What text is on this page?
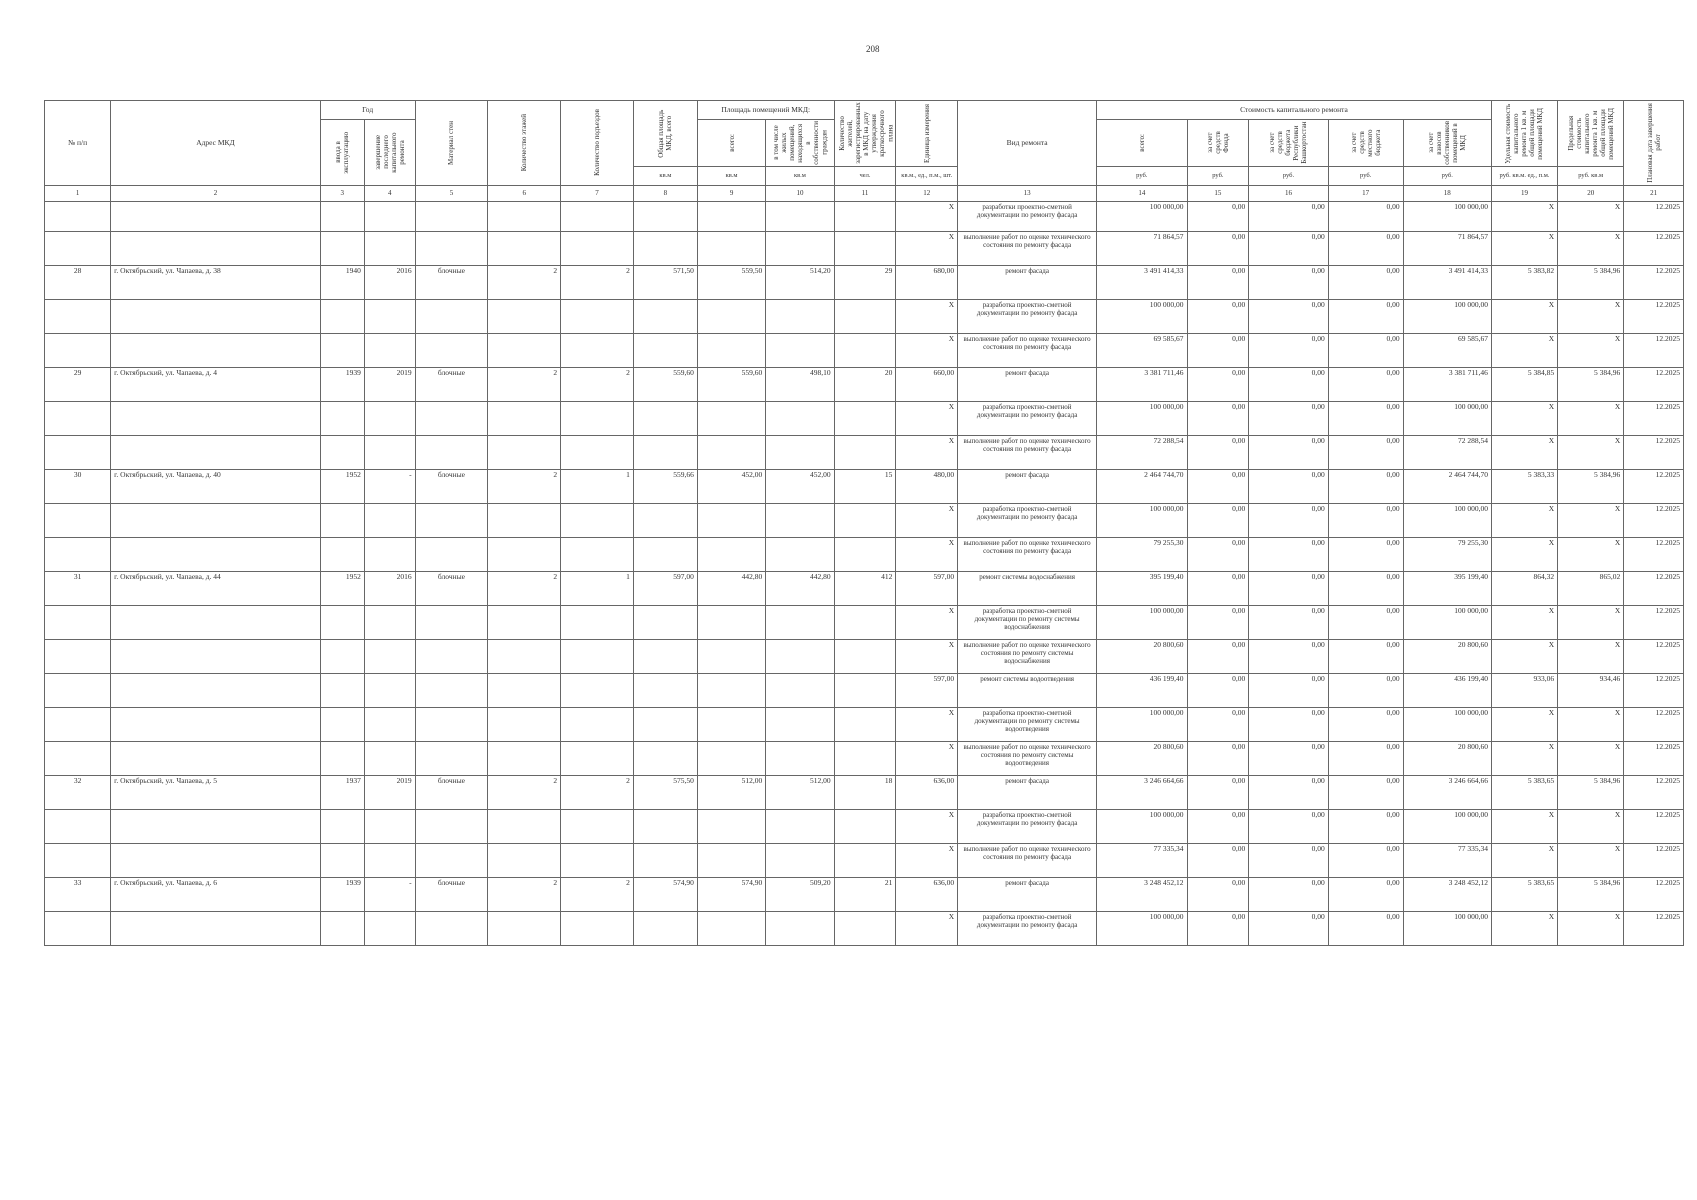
208
№ п/п	Адрес МКД	Год		Материал стен	Количество этажей	Количество подъездов	Общая площадь МКД, всего	Площадь помещений МКД:		Количество жителей, зарегистрированных в МКД на дату утверждения краткосрочного плана	Единица измерения	Вид ремонта	Стоимость капитального ремонта					Удельная стоимость капитального ремонта 1 кв. м общей площади помещений МКД	Предельная стоимость капитального ремонта 1 кв. м общей площади помещений МКД	Плановая дата завершения работ

		ввода в эксплуатацию	завершение последнего капитального ремонта					всего:	в том числе жилых помещений, находящихся в собственности граждан				всего:	за счет средств Фонда	за счет средств бюджета Республики Башкортостан	за счет средств местного бюджета	за счет взносов собственников помещений в МКД			

							кв.м	кв.м	кв.м	чел.	кв.м., ед., п.м., шт.		руб.	руб.	руб.	руб.	руб.	руб. кв.м. ед., п.м.	руб. кв.м	
1	2	3	4	5	6	7	8	9	10	11	12	13	14	15	16	17	18	19	20	21
											X	разработки проектно-сметной документации по ремонту фасада	100 000,00	0,00	0,00	0,00	100 000,00	X	X	12.2025
											X	выполнение работ по оценке технического состояния по ремонту фасада	71 864,57	0,00	0,00	0,00	71 864,57	X	X	12.2025
28	г. Октябрьский, ул. Чапаева, д. 38	1940	2016	блочные	2	2	571,50	559,50	514,20	29	680,00	ремонт фасада	3 491 414,33	0,00	0,00	0,00	3 491 414,33	5 383,82	5 384,96	12.2025
											X	разработка проектно-сметной документации по ремонту фасада	100 000,00	0,00	0,00	0,00	100 000,00	X	X	12.2025
											X	выполнение работ по оценке технического состояния по ремонту фасада	69 585,67	0,00	0,00	0,00	69 585,67	X	X	12.2025
29	г. Октябрьский, ул. Чапаева, д. 4	1939	2019	блочные	2	2	559,60	559,60	498,10	20	660,00	ремонт фасада	3 381 711,46	0,00	0,00	0,00	3 381 711,46	5 384,85	5 384,96	12.2025
											X	разработка проектно-сметной документации по ремонту фасада	100 000,00	0,00	0,00	0,00	100 000,00	X	X	12.2025
											X	выполнение работ по оценке технического состояния по ремонту фасада	72 288,54	0,00	0,00	0,00	72 288,54	X	X	12.2025
30	г. Октябрьский, ул. Чапаева, д. 40	1952	-	блочные	2	1	559,66	452,00	452,00	15	480,00	ремонт фасада	2 464 744,70	0,00	0,00	0,00	2 464 744,70	5 383,33	5 384,96	12.2025
											X	разработка проектно-сметной документации по ремонту фасада	100 000,00	0,00	0,00	0,00	100 000,00	X	X	12.2025
											X	выполнение работ по оценке технического состояния по ремонту фасада	79 255,30	0,00	0,00	0,00	79 255,30	X	X	12.2025
31	г. Октябрьский, ул. Чапаева, д. 44	1952	2016	блочные	2	1	597,00	442,80	442,80	412	597,00	ремонт системы водоснабжения	395 199,40	0,00	0,00	0,00	395 199,40	864,32	865,02	12.2025
											X	разработка проектно-сметной документации по ремонту системы водоснабжения	100 000,00	0,00	0,00	0,00	100 000,00	X	X	12.2025
											X	выполнение работ по оценке технического состояния по ремонту системы водоснабжения	20 800,60	0,00	0,00	0,00	20 800,60	X	X	12.2025
											597,00	ремонт системы водоотведения	436 199,40	0,00	0,00	0,00	436 199,40	933,06	934,46	12.2025
											X	разработка проектно-сметной документации по ремонту системы водоотведения	100 000,00	0,00	0,00	0,00	100 000,00	X	X	12.2025
											X	выполнение работ по оценке технического состояния по ремонту системы водоотведения	20 800,60	0,00	0,00	0,00	20 800,60	X	X	12.2025
32	г. Октябрьский, ул. Чапаева, д. 5	1937	2019	блочные	2	2	575,50	512,00	512,00	18	636,00	ремонт фасада	3 246 664,66	0,00	0,00	0,00	3 246 664,66	5 383,65	5 384,96	12.2025
											X	разработка проектно-сметной документации по ремонту фасада	100 000,00	0,00	0,00	0,00	100 000,00	X	X	12.2025
											X	выполнение работ по оценке технического состояния по ремонту фасада	77 335,34	0,00	0,00	0,00	77 335,34	X	X	12.2025
33	г. Октябрьский, ул. Чапаева, д. 6	1939	-	блочные	2	2	574,90	574,90	509,20	21	636,00	ремонт фасада	3 248 452,12	0,00	0,00	0,00	3 248 452,12	5 383,65	5 384,96	12.2025
											X	разработка проектно-сметной документации по ремонту фасада	100 000,00	0,00	0,00	0,00	100 000,00	X	X	12.2025
